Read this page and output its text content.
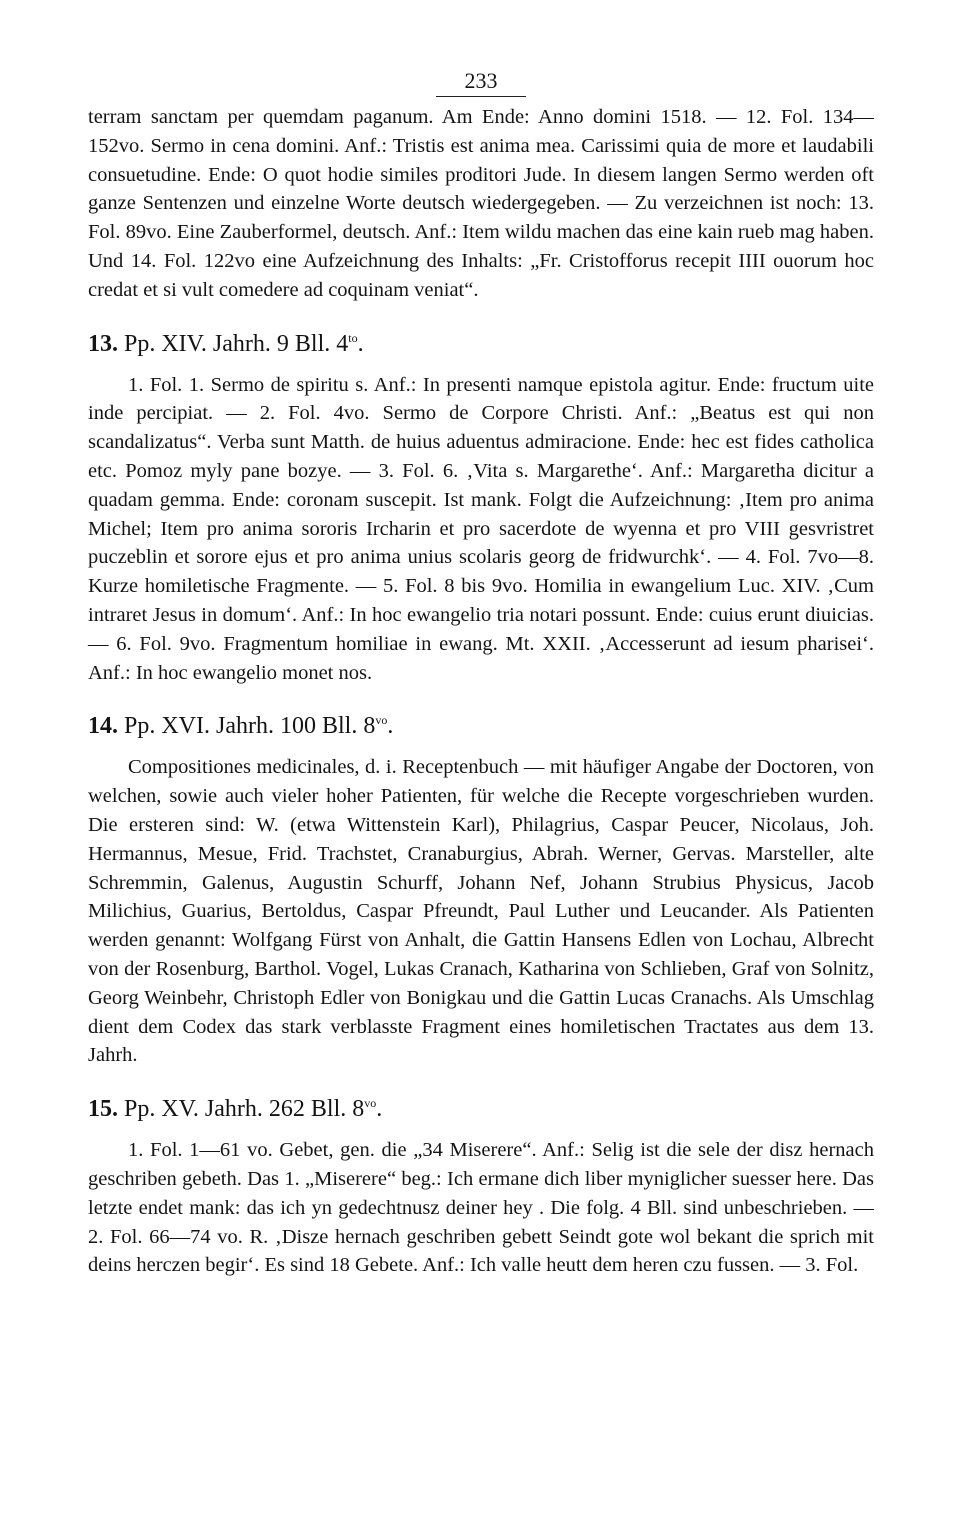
233

terram sanctam per quemdam paganum. Am Ende: Anno domini 1518. — 12. Fol. 134—152vo. Sermo in cena domini. Anf.: Tristis est anima mea. Carissimi quia de more et laudabili consuetudine. Ende: O quot hodie similes proditori Jude. In diesem langen Sermo werden oft ganze Sentenzen und einzelne Worte deutsch wiedergegeben. — Zu verzeichnen ist noch: 13. Fol. 89vo. Eine Zauberformel, deutsch. Anf.: Item wildu machen das eine kain rueb mag haben. Und 14. Fol. 122vo eine Aufzeichnung des Inhalts: „Fr. Cristofforus recepit IIII ouorum hoc credat et si vult comedere ad coquinam veniat“.

13. Pp. XIV. Jahrh. 9 Bll. $4^{to}$.

1. Fol. 1. Sermo de spiritu s. Anf.: In presenti namque epistola agitur. Ende: fructum uite inde percipiat. — 2. Fol. 4vo. Sermo de Corpore Christi. Anf.: „Beatus est qui non scandalizatus“. Verba sunt Matth. de huius aduentus admiracione. Ende: hec est fides catholica etc. Pomoz myly pane bozye. — 3. Fol. 6. ‚Vita s. Margarethe‘. Anf.: Margaretha dicitur a quadam gemma. Ende: coronam suscepit. Ist mank. Folgt die Aufzeichnung: ‚Item pro anima Michel; Item pro anima sororis Ircharin et pro sacerdote de wyenna et pro VIII gesvristret puczeblin et sorore ejus et pro anima unius scolaris georg de fridwurchk‘. — 4. Fol. 7vo—8. Kurze homiletische Fragmente. — 5. Fol. 8 bis 9vo. Homilia in ewangelium Luc. XIV. ‚Cum intraret Jesus in domum‘. Anf.: In hoc ewangelio tria notari possunt. Ende: cuius erunt diuicias. — 6. Fol. 9vo. Fragmentum homiliae in ewang. Mt. XXII. ‚Accesserunt ad iesum pharisei‘. Anf.: In hoc ewangelio monet nos.

14. Pp. XVI. Jahrh. 100 Bll. $8^{vo}$.

Compositiones medicinales, d. i. Receptenbuch — mit häufiger Angabe der Doctoren, von welchen, sowie auch vieler hoher Patienten, für welche die Recepte vorgeschrieben wurden. Die ersteren sind: W. (etwa Wittenstein Karl), Philagrius, Caspar Peucer, Nicolaus, Joh. Hermannus, Mesue, Frid. Trachstet, Cranaburgius, Abrah. Werner, Gervas. Marsteller, alte Schremmin, Galenus, Augustin Schurff, Johann Nef, Johann Strubius Physicus, Jacob Milichius, Guarius, Bertoldus, Caspar Pfreundt, Paul Luther und Leucander. Als Patienten werden genannt: Wolfgang Fürst von Anhalt, die Gattin Hansens Edlen von Lochau, Albrecht von der Rosenburg, Barthol. Vogel, Lukas Cranach, Katharina von Schlieben, Graf von Solnitz, Georg Weinbehr, Christoph Edler von Bonigkau und die Gattin Lucas Cranachs. Als Umschlag dient dem Codex das stark verblasste Fragment eines homiletischen Tractates aus dem 13. Jahrh.

15. Pp. XV. Jahrh. 262 Bll. $8^{vo}$.

1. Fol. 1—61 vo. Gebet, gen. die „34 Miserere“. Anf.: Selig ist die sele der disz hernach geschriben gebeth. Das 1. „Miserere“ beg.: Ich ermane dich liber myniglicher suesser here. Das letzte endet mank: das ich yn gedechtnusz deiner hey . Die folg. 4 Bll. sind unbeschrieben. — 2. Fol. 66—74 vo. R. ‚Disze hernach geschriben gebett Seindt gote wol bekant die sprich mit deins herczen begir‘. Es sind 18 Gebete. Anf.: Ich valle heutt dem heren czu fussen. — 3. Fol.
